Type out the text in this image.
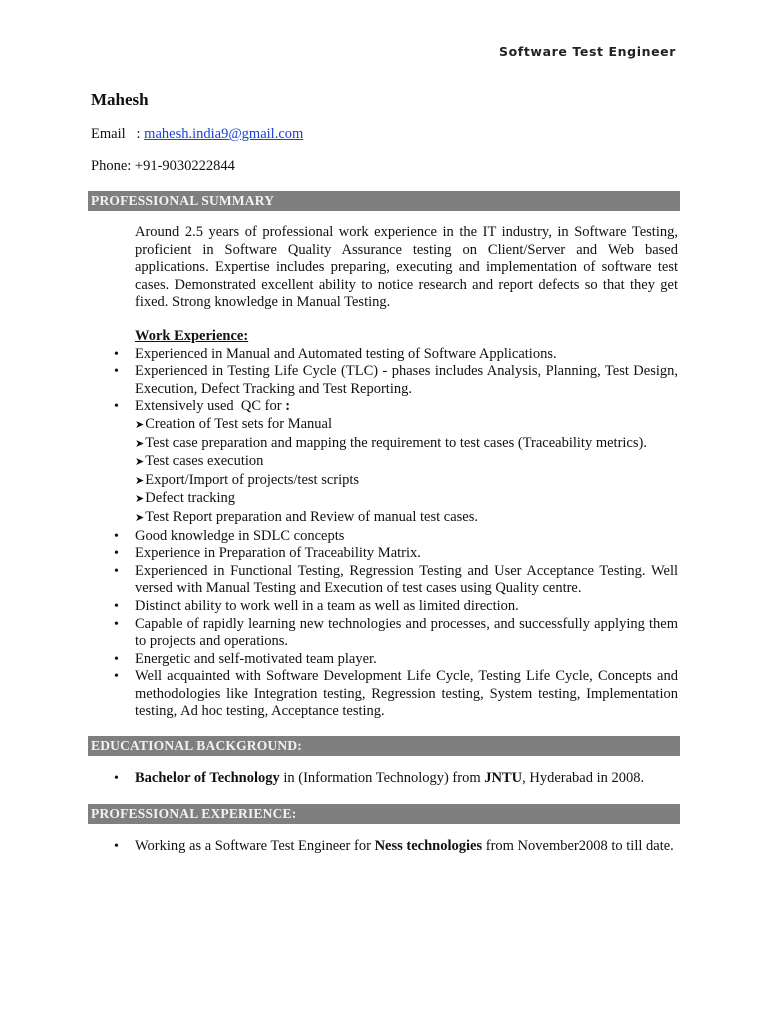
Software Test Engineer
Mahesh
Email   : mahesh.india9@gmail.com
Phone: +91-9030222844
PROFESSIONAL SUMMARY
Around 2.5 years of professional work experience in the IT industry, in Software Testing, proficient in Software Quality Assurance testing on Client/Server and Web based applications. Expertise includes preparing, executing and implementation of software test cases. Demonstrated excellent ability to notice research and report defects so that they get fixed. Strong knowledge in Manual Testing.
Work Experience:
• Experienced in Manual and Automated testing of Software Applications.
• Experienced in Testing Life Cycle (TLC) - phases includes Analysis, Planning, Test Design, Execution, Defect Tracking and Test Reporting.
• Extensively used  QC for :
➤Creation of Test sets for Manual
➤Test case preparation and mapping the requirement to test cases (Traceability metrics).
➤Test cases execution
➤Export/Import of projects/test scripts
➤Defect tracking
➤Test Report preparation and Review of manual test cases.
• Good knowledge in SDLC concepts
• Experience in Preparation of Traceability Matrix.
• Experienced in Functional Testing, Regression Testing and User Acceptance Testing. Well versed with Manual Testing and Execution of test cases using Quality centre.
• Distinct ability to work well in a team as well as limited direction.
• Capable of rapidly learning new technologies and processes, and successfully applying them to projects and operations.
• Energetic and self-motivated team player.
• Well acquainted with Software Development Life Cycle, Testing Life Cycle, Concepts and methodologies like Integration testing, Regression testing, System testing, Implementation testing, Ad hoc testing, Acceptance testing.
EDUCATIONAL BACKGROUND:
• Bachelor of Technology in (Information Technology) from JNTU, Hyderabad in 2008.
PROFESSIONAL EXPERIENCE:
• Working as a Software Test Engineer for Ness technologies from November2008 to till date.
